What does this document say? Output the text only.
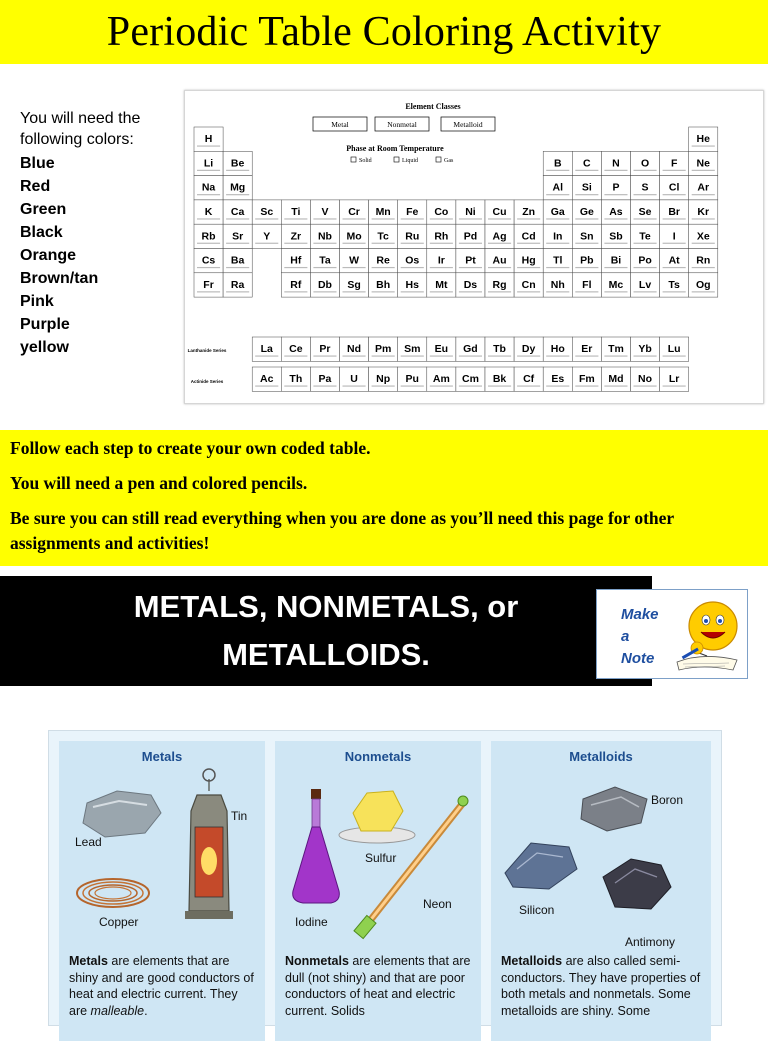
Periodic Table Coloring Activity
You will need the following colors:
Blue
Red
Green
Black
Orange
Brown/tan
Pink
Purple
yellow
Element Classes
Metal	Nonmetal	Metalloid
Phase at Room Temperature
Solid	Liquid	Gas
Lanthanide Series
Actinide Series
H	He
Li Be	B C N O F Ne
Na Mg	Al Si P S Cl Ar
K Ca Sc Ti V Cr Mn Fe Co Ni Cu Zn Ga Ge As Se Br Kr
Rb Sr Y Zr Nb Mo Tc Ru Rh Pd Ag Cd In Sn Sb Te I Xe
Cs Ba	Hf Ta W Re Os Ir Pt Au Hg Tl Pb Bi Po At Rn
Fr Ra	Rf Db Sg Bh Hs Mt Ds Rg Cn Nh Fl Mc Lv Ts Og
La Ce Pr Nd Pm Sm Eu Gd Tb Dy Ho Er Tm Yb Lu
Ac Th Pa U Np Pu Am Cm Bk Cf Es Fm Md No Lr

Follow each step to create your own coded table.

You will need a pen and colored pencils.

Be sure you can still read everything when you are done as you’ll need this page for other assignments and activities!

METALS, NONMETALS, or
METALLOIDS.
Make
a
Note
Metals
Lead
Tin
Copper
Metals are elements that are shiny and are good conductors of heat and electric current. They are malleable.
Nonmetals
Sulfur
Neon
Iodine
Nonmetals are elements that are dull (not shiny) and that are poor conductors of heat and electric current. Solids
Metalloids
Boron
Silicon
Antimony
Metalloids are also called semiconductors. They have properties of both metals and nonmetals. Some metalloids are shiny. Some
